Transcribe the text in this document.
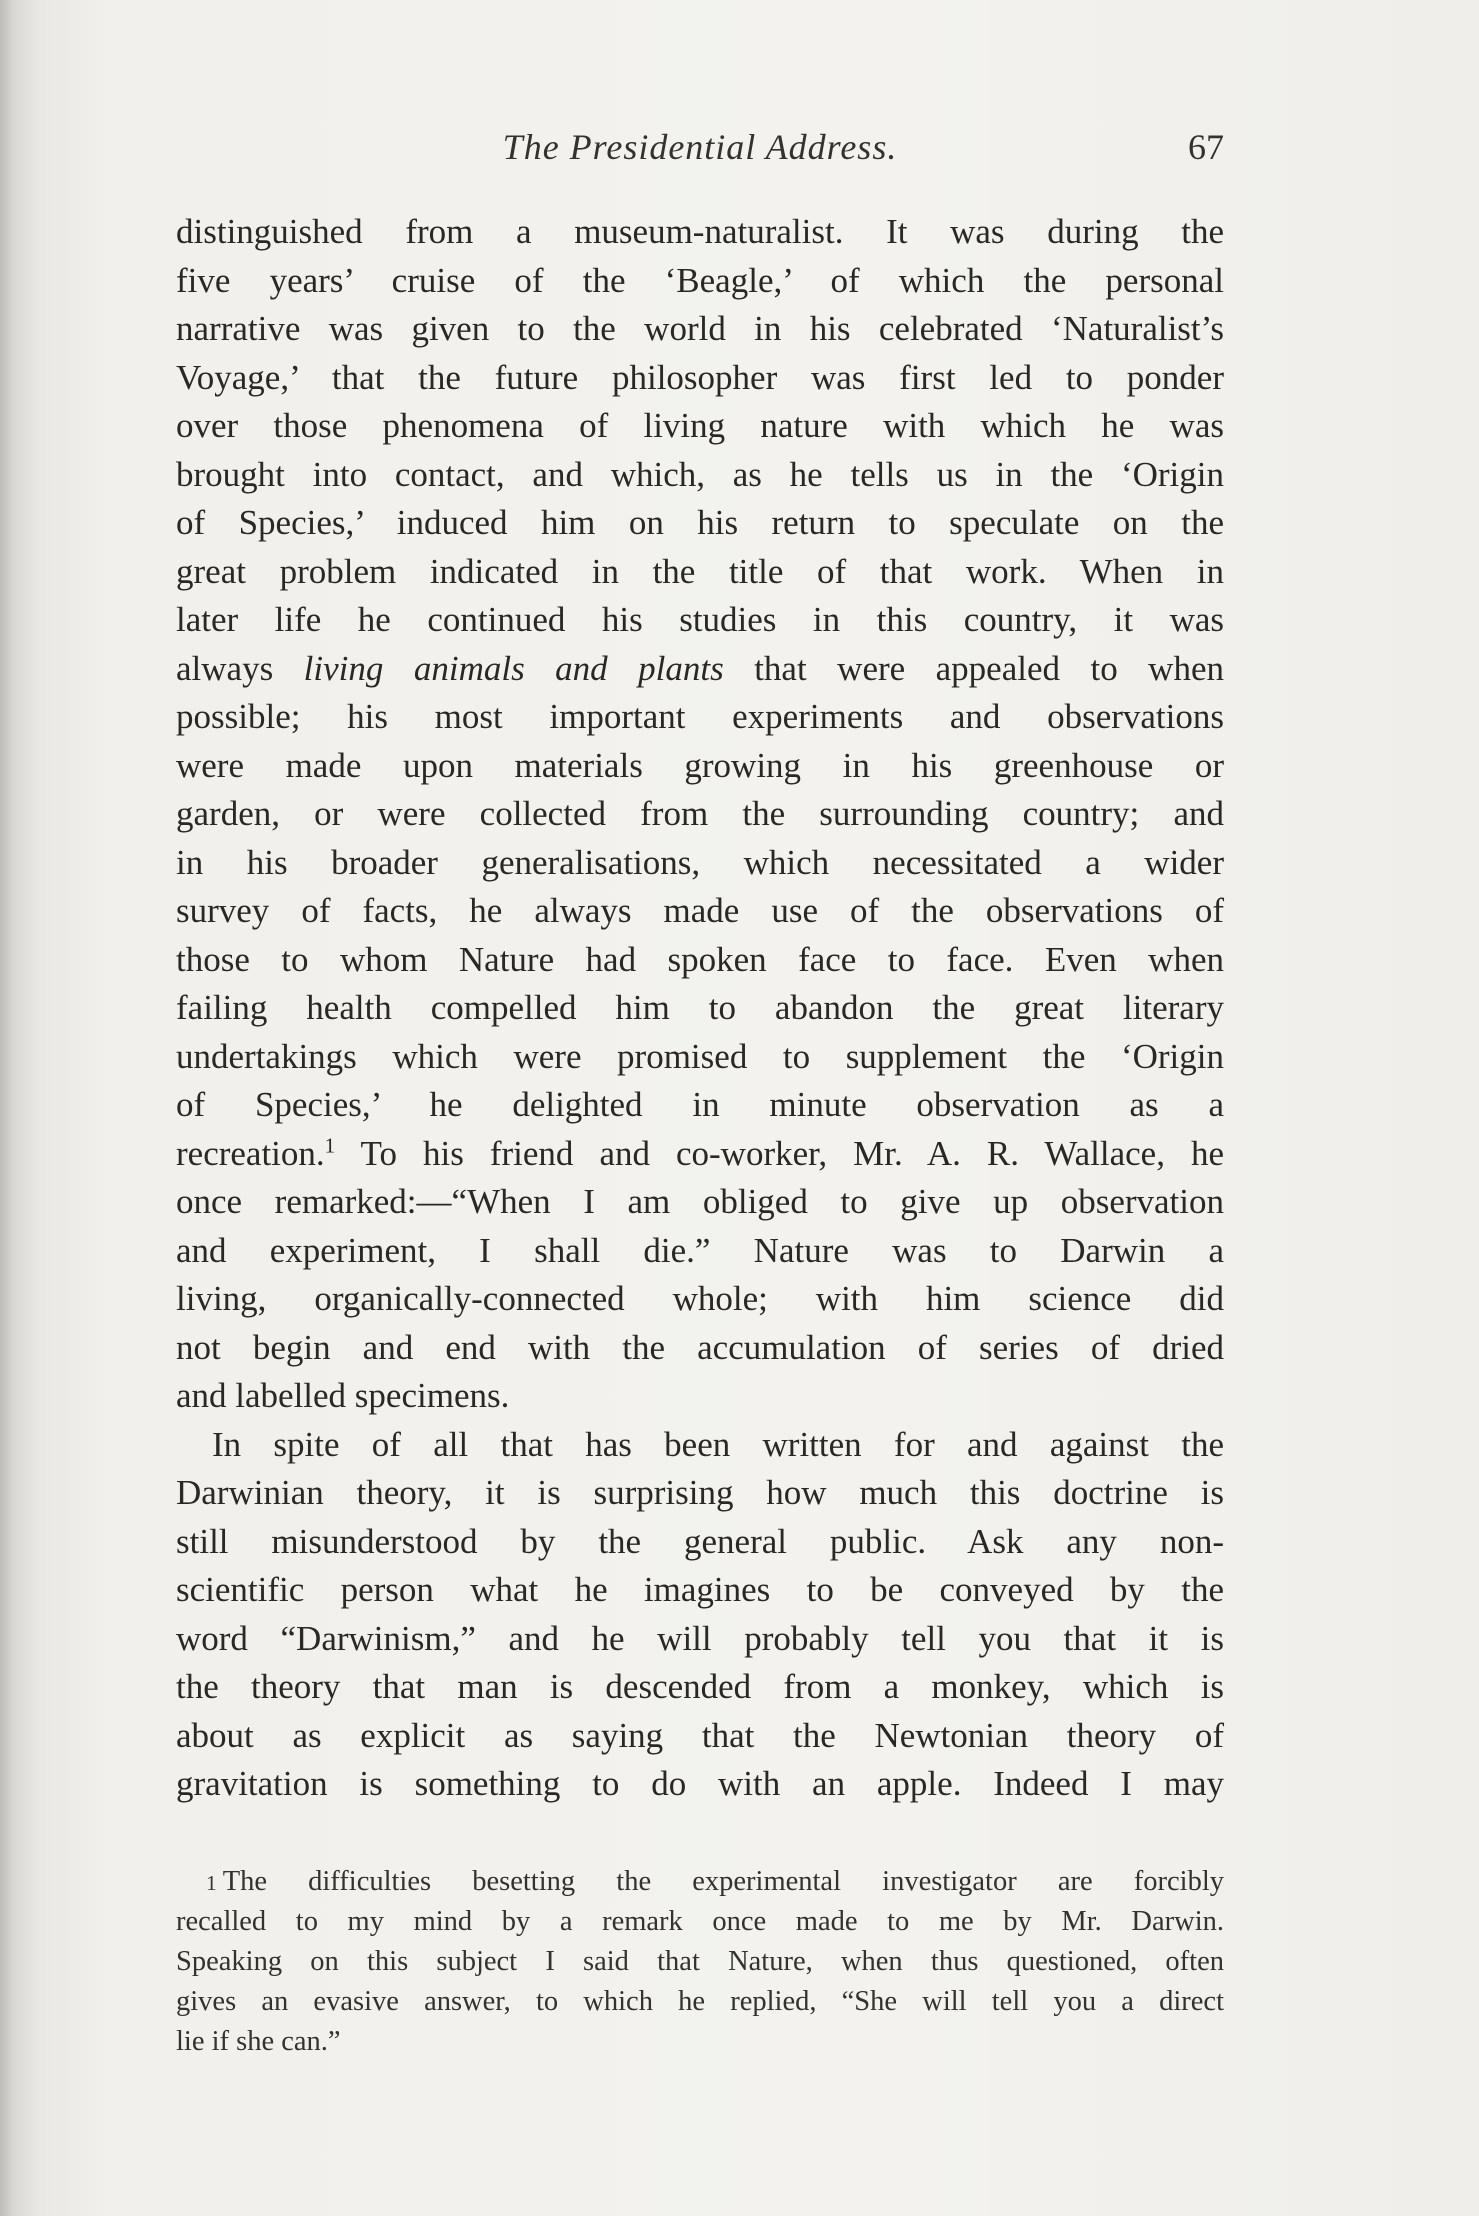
The Presidential Address.	67
distinguished from a museum-naturalist. It was during the
five years’ cruise of the ‘Beagle,’ of which the personal
narrative was given to the world in his celebrated ‘Naturalist’s
Voyage,’ that the future philosopher was first led to ponder
over those phenomena of living nature with which he was
brought into contact, and which, as he tells us in the ‘Origin
of Species,’ induced him on his return to speculate on the
great problem indicated in the title of that work. When in
later life he continued his studies in this country, it was
always living animals and plants that were appealed to when
possible; his most important experiments and observations
were made upon materials growing in his greenhouse or
garden, or were collected from the surrounding country; and
in his broader generalisations, which necessitated a wider
survey of facts, he always made use of the observations of
those to whom Nature had spoken face to face. Even when
failing health compelled him to abandon the great literary
undertakings which were promised to supplement the ‘Origin
of Species,’ he delighted in minute observation as a
recreation.$^1$ To his friend and co-worker, Mr. A. R. Wallace, he
once remarked:—“When I am obliged to give up observation
and experiment, I shall die.” Nature was to Darwin a
living, organically-connected whole; with him science did
not begin and end with the accumulation of series of dried
and labelled specimens.
In spite of all that has been written for and against the
Darwinian theory, it is surprising how much this doctrine is
still misunderstood by the general public. Ask any non-
scientific person what he imagines to be conveyed by the
word “Darwinism,” and he will probably tell you that it is
the theory that man is descended from a monkey, which is
about as explicit as saying that the Newtonian theory of
gravitation is something to do with an apple. Indeed I may
1 The difficulties besetting the experimental investigator are forcibly
recalled to my mind by a remark once made to me by Mr. Darwin.
Speaking on this subject I said that Nature, when thus questioned, often
gives an evasive answer, to which he replied, “She will tell you a direct
lie if she can.”
